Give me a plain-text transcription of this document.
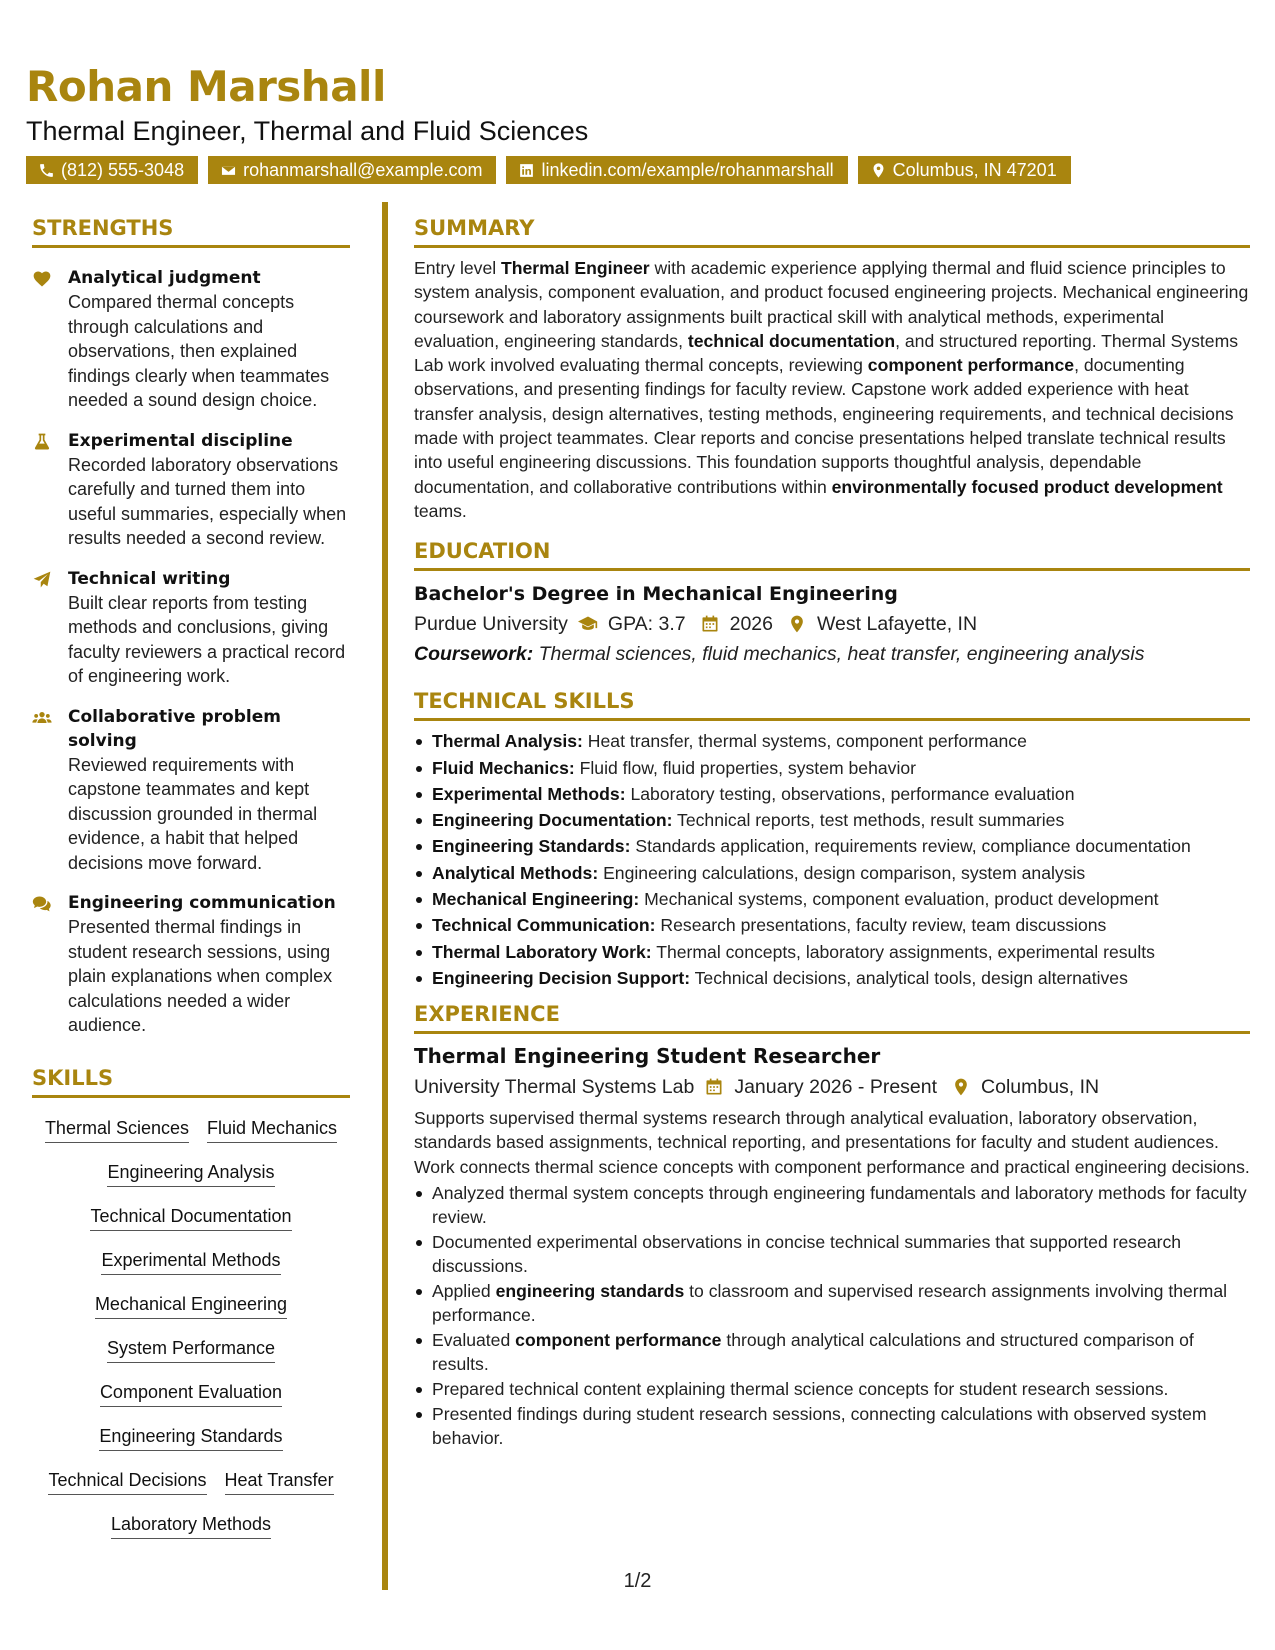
Rohan Marshall
Thermal Engineer, Thermal and Fluid Sciences
(812) 555-3048	rohanmarshall@example.com	linkedin.com/example/rohanmarshall	Columbus, IN 47201
STRENGTHS
Analytical judgment
Compared thermal concepts through calculations and observations, then explained findings clearly when teammates needed a sound design choice.
Experimental discipline
Recorded laboratory observations carefully and turned them into useful summaries, especially when results needed a second review.
Technical writing
Built clear reports from testing methods and conclusions, giving faculty reviewers a practical record of engineering work.
Collaborative problem solving
Reviewed requirements with capstone teammates and kept discussion grounded in thermal evidence, a habit that helped decisions move forward.
Engineering communication
Presented thermal findings in student research sessions, using plain explanations when complex calculations needed a wider audience.
SKILLS
Thermal Sciences Fluid Mechanics
Engineering Analysis
Technical Documentation
Experimental Methods
Mechanical Engineering
System Performance
Component Evaluation
Engineering Standards
Technical Decisions Heat Transfer
Laboratory Methods
SUMMARY
Entry level Thermal Engineer with academic experience applying thermal and fluid science principles to system analysis, component evaluation, and product focused engineering projects. Mechanical engineering coursework and laboratory assignments built practical skill with analytical methods, experimental evaluation, engineering standards, technical documentation, and structured reporting. Thermal Systems Lab work involved evaluating thermal concepts, reviewing component performance, documenting observations, and presenting findings for faculty review. Capstone work added experience with heat transfer analysis, design alternatives, testing methods, engineering requirements, and technical decisions made with project teammates. Clear reports and concise presentations helped translate technical results into useful engineering discussions. This foundation supports thoughtful analysis, dependable documentation, and collaborative contributions within environmentally focused product development teams.
EDUCATION
Bachelor's Degree in Mechanical Engineering
Purdue University GPA: 3.7 2026 West Lafayette, IN
Coursework: Thermal sciences, fluid mechanics, heat transfer, engineering analysis
TECHNICAL SKILLS
Thermal Analysis: Heat transfer, thermal systems, component performance
Fluid Mechanics: Fluid flow, fluid properties, system behavior
Experimental Methods: Laboratory testing, observations, performance evaluation
Engineering Documentation: Technical reports, test methods, result summaries
Engineering Standards: Standards application, requirements review, compliance documentation
Analytical Methods: Engineering calculations, design comparison, system analysis
Mechanical Engineering: Mechanical systems, component evaluation, product development
Technical Communication: Research presentations, faculty review, team discussions
Thermal Laboratory Work: Thermal concepts, laboratory assignments, experimental results
Engineering Decision Support: Technical decisions, analytical tools, design alternatives
EXPERIENCE
Thermal Engineering Student Researcher
University Thermal Systems Lab January 2026 - Present Columbus, IN
Supports supervised thermal systems research through analytical evaluation, laboratory observation, standards based assignments, technical reporting, and presentations for faculty and student audiences. Work connects thermal science concepts with component performance and practical engineering decisions.
Analyzed thermal system concepts through engineering fundamentals and laboratory methods for faculty review.
Documented experimental observations in concise technical summaries that supported research discussions.
Applied engineering standards to classroom and supervised research assignments involving thermal performance.
Evaluated component performance through analytical calculations and structured comparison of results.
Prepared technical content explaining thermal science concepts for student research sessions.
Presented findings during student research sessions, connecting calculations with observed system behavior.
1/2
